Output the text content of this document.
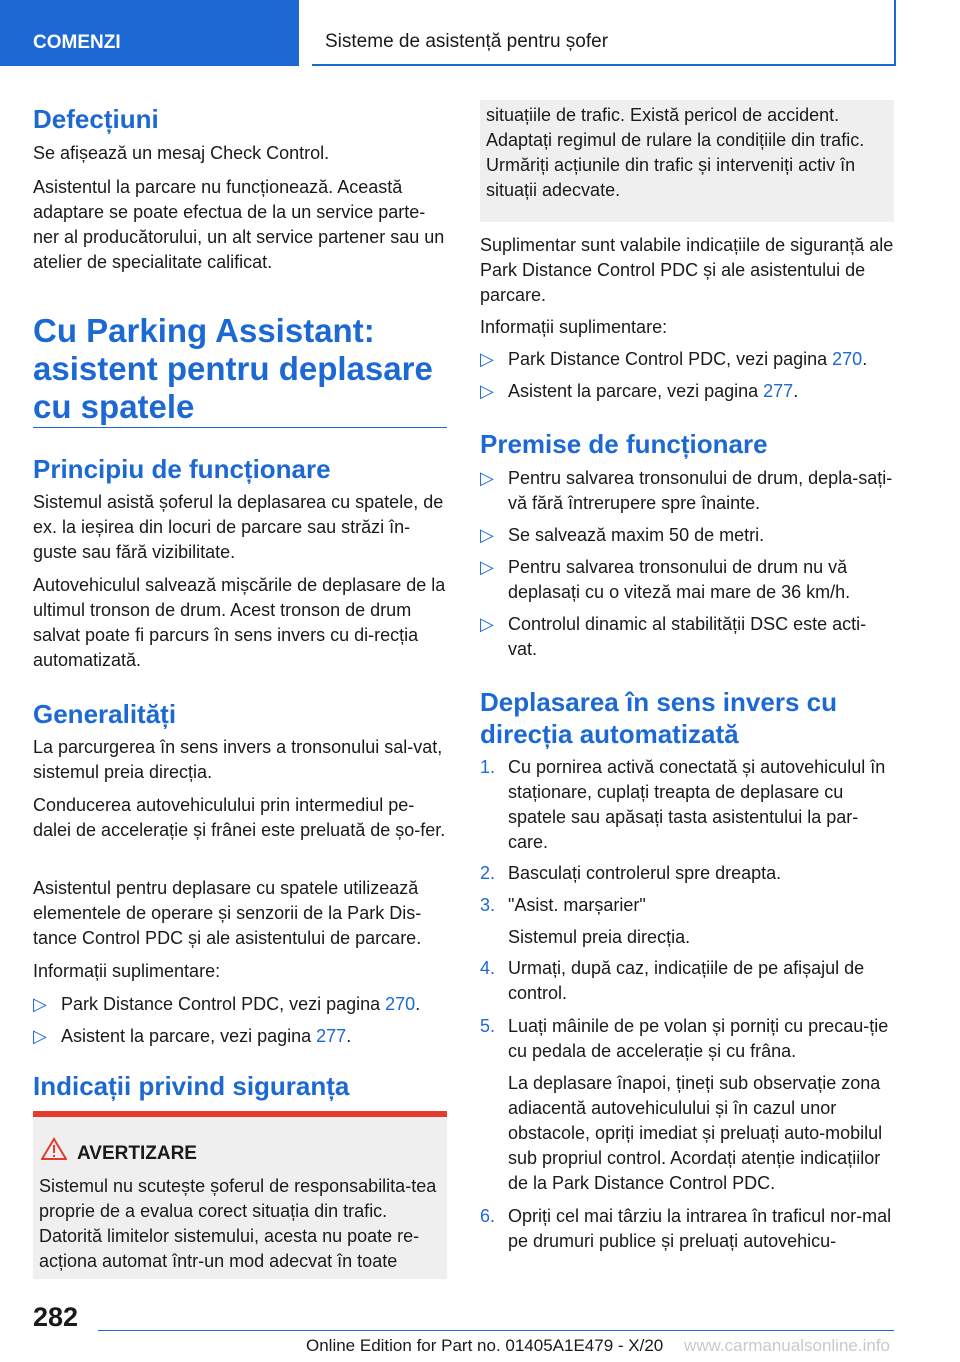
COMENZI	Sisteme de asistență pentru șofer
Defecțiuni

Se afișează un mesaj Check Control.

Asistentul la parcare nu funcționează. Această adaptare se poate efectua de la un service parte-ner al producătorului, un alt service partener sau un atelier de specialitate calificat.

Cu Parking Assistant: asistent pentru deplasare cu spatele
Principiu de funcționare

Sistemul asistă șoferul la deplasarea cu spatele, de ex. la ieșirea din locuri de parcare sau străzi în-guste sau fără vizibilitate.

Autovehiculul salvează mișcările de deplasare de la ultimul tronson de drum. Acest tronson de drum salvat poate fi parcurs în sens invers cu di-recția automatizată.

Generalități

La parcurgerea în sens invers a tronsonului sal-vat, sistemul preia direcția.

Conducerea autovehiculului prin intermediul pe-dalei de accelerație și frânei este preluată de șo-fer.

Asistentul pentru deplasare cu spatele utilizează elementele de operare și senzorii de la Park Dis-tance Control PDC și ale asistentului de parcare.

Informații suplimentare:

▷ Park Distance Control PDC, vezi pagina 270.
▷ Asistent la parcare, vezi pagina 277.
Indicații privind siguranța
AVERTIZARE
Sistemul nu scutește șoferul de responsabilita-tea proprie de a evalua corect situația din trafic. Datorită limitelor sistemului, acesta nu poate re-acționa automat într-un mod adecvat în toate
situațiile de trafic. Există pericol de accident. Adaptați regimul de rulare la condițiile din trafic. Urmăriți acțiunile din trafic și interveniți activ în situații adecvate.

Suplimentar sunt valabile indicațiile de siguranță ale Park Distance Control PDC și ale asistentului de parcare.

Informații suplimentare:

▷ Park Distance Control PDC, vezi pagina 270.
▷ Asistent la parcare, vezi pagina 277.
Premise de funcționare
▷ Pentru salvarea tronsonului de drum, depla-sați-vă fără întrerupere spre înainte.
▷ Se salvează maxim 50 de metri.
▷ Pentru salvarea tronsonului de drum nu vă deplasați cu o viteză mai mare de 36 km/h.
▷ Controlul dinamic al stabilității DSC este acti-vat.
Deplasarea în sens invers cu direcția automatizată
1. Cu pornirea activă conectată și autovehiculul în staționare, cuplați treapta de deplasare cu spatele sau apăsați tasta asistentului la par-care.
2. Basculați controlerul spre dreapta.
3. "Asist. marșarier"
Sistemul preia direcția.
4. Urmați, după caz, indicațiile de pe afișajul de control.
5. Luați mâinile de pe volan și porniți cu precau-ție cu pedala de accelerație și cu frâna.
La deplasare înapoi, țineți sub observație zona adiacentă autovehiculului și în cazul unor obstacole, opriți imediat și preluați auto-mobilul sub propriul control. Acordați atenție indicațiilor de la Park Distance Control PDC.
6. Opriți cel mai târziu la intrarea în traficul nor-mal pe drumuri publice și preluați autovehicu-
282
Online Edition for Part no. 01405A1E479 - X/20 www.carmanualsonline.info
